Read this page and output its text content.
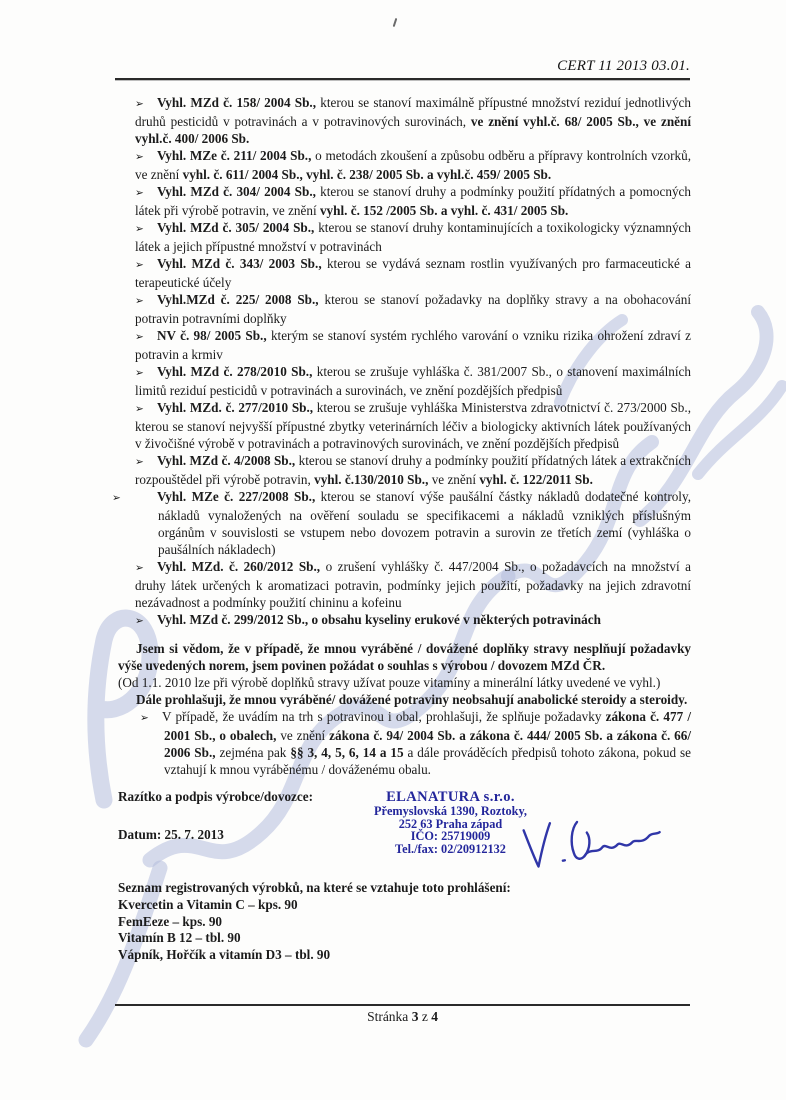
CERT 11 2013 03.01.
➢ Vyhl. MZd č. 158/ 2004 Sb., kterou se stanoví maximálně přípustné množství reziduí jednotlivých druhů pesticidů v potravinách a v potravinových surovinách, ve znění vyhl.č. 68/ 2005 Sb., ve znění vyhl.č. 400/ 2006 Sb.
➢ Vyhl. MZe č. 211/ 2004 Sb., o metodách zkoušení a způsobu odběru a přípravy kontrolních vzorků, ve znění vyhl. č. 611/ 2004 Sb., vyhl. č. 238/ 2005 Sb. a vyhl.č. 459/ 2005 Sb.
➢ Vyhl. MZd č. 304/ 2004 Sb., kterou se stanoví druhy a podmínky použití přídatných a pomocných látek při výrobě potravin, ve znění vyhl. č. 152 /2005 Sb. a vyhl. č. 431/ 2005 Sb.
➢ Vyhl. MZd č. 305/ 2004 Sb., kterou se stanoví druhy kontaminujících a toxikologicky významných látek a jejich přípustné množství v potravinách
➢ Vyhl. MZd č. 343/ 2003 Sb., kterou se vydává seznam rostlin využívaných pro farmaceutické a terapeutické účely
➢ Vyhl.MZd č. 225/ 2008 Sb., kterou se stanoví požadavky na doplňky stravy a na obohacování potravin potravními doplňky
➢ NV č. 98/ 2005 Sb., kterým se stanoví systém rychlého varování o vzniku rizika ohrožení zdraví z potravin a krmiv
➢ Vyhl. MZd č. 278/2010 Sb., kterou se zrušuje vyhláška č. 381/2007 Sb., o stanovení maximálních limitů reziduí pesticidů v potravinách a surovinách, ve znění pozdějších předpisů
➢ Vyhl. MZd. č. 277/2010 Sb., kterou se zrušuje vyhláška Ministerstva zdravotnictví č. 273/2000 Sb., kterou se stanoví nejvyšší přípustné zbytky veterinárních léčiv a biologicky aktivních látek používaných v živočišné výrobě v potravinách a potravinových surovinách, ve znění pozdějších předpisů
➢ Vyhl. MZd č. 4/2008 Sb., kterou se stanoví druhy a podmínky použití přídatných látek a extrakčních rozpouštědel při výrobě potravin, vyhl. č.130/2010 Sb., ve znění vyhl. č. 122/2011 Sb.
➢	Vyhl. MZe č. 227/2008 Sb., kterou se stanoví výše paušální částky nákladů dodatečné kontroly, nákladů vynaložených na ověření souladu se specifikacemi a nákladů vzniklých příslušným orgánům v souvislosti se vstupem nebo dovozem potravin a surovin ze třetích zemí (vyhláška o paušálních nákladech)
➢ Vyhl. MZd. č. 260/2012 Sb., o zrušení vyhlášky č. 447/2004 Sb., o požadavcích na množství a druhy látek určených k aromatizaci potravin, podmínky jejich použití, požadavky na jejich zdravotní nezávadnost a podmínky použití chininu a kofeinu
➢ Vyhl. MZd č. 299/2012 Sb., o obsahu kyseliny erukové v některých potravinách

Jsem si vědom, že v případě, že mnou vyráběné / dovážené doplňky stravy nesplňují požadavky výše uvedených norem, jsem povinen požádat o souhlas s výrobou / dovozem MZd ČR.

(Od 1.1. 2010 lze při výrobě doplňků stravy užívat pouze vitamíny a minerální látky uvedené ve vyhl.)

Dále prohlašuji, že mnou vyráběné/ dovážené potraviny neobsahují anabolické steroidy a steroidy.

➢ V případě, že uvádím na trh s potravinou i obal, prohlašuji, že splňuje požadavky zákona č. 477 / 2001 Sb., o obalech, ve znění zákona č. 94/ 2004 Sb. a zákona č. 444/ 2005 Sb. a zákona č. 66/ 2006 Sb., zejména pak §§ 3, 4, 5, 6, 14 a 15 a dále prováděcích předpisů tohoto zákona, pokud se vztahují k mnou vyráběnému / dováženému obalu.
Razítko a podpis výrobce/dovozce:
Datum: 25. 7. 2013
ELANATURA s.r.o.
Přemyslovská 1390, Roztoky,
252 63 Praha západ
IČO: 25719009
Tel./fax: 02/20912132
Seznam registrovaných výrobků, na které se vztahuje toto prohlášení:
Kvercetin a Vitamin C – kps. 90
FemEeze – kps. 90
Vitamín B 12 – tbl. 90
Vápník, Hořčík a vitamín D3 – tbl. 90
Stránka 3 z 4
